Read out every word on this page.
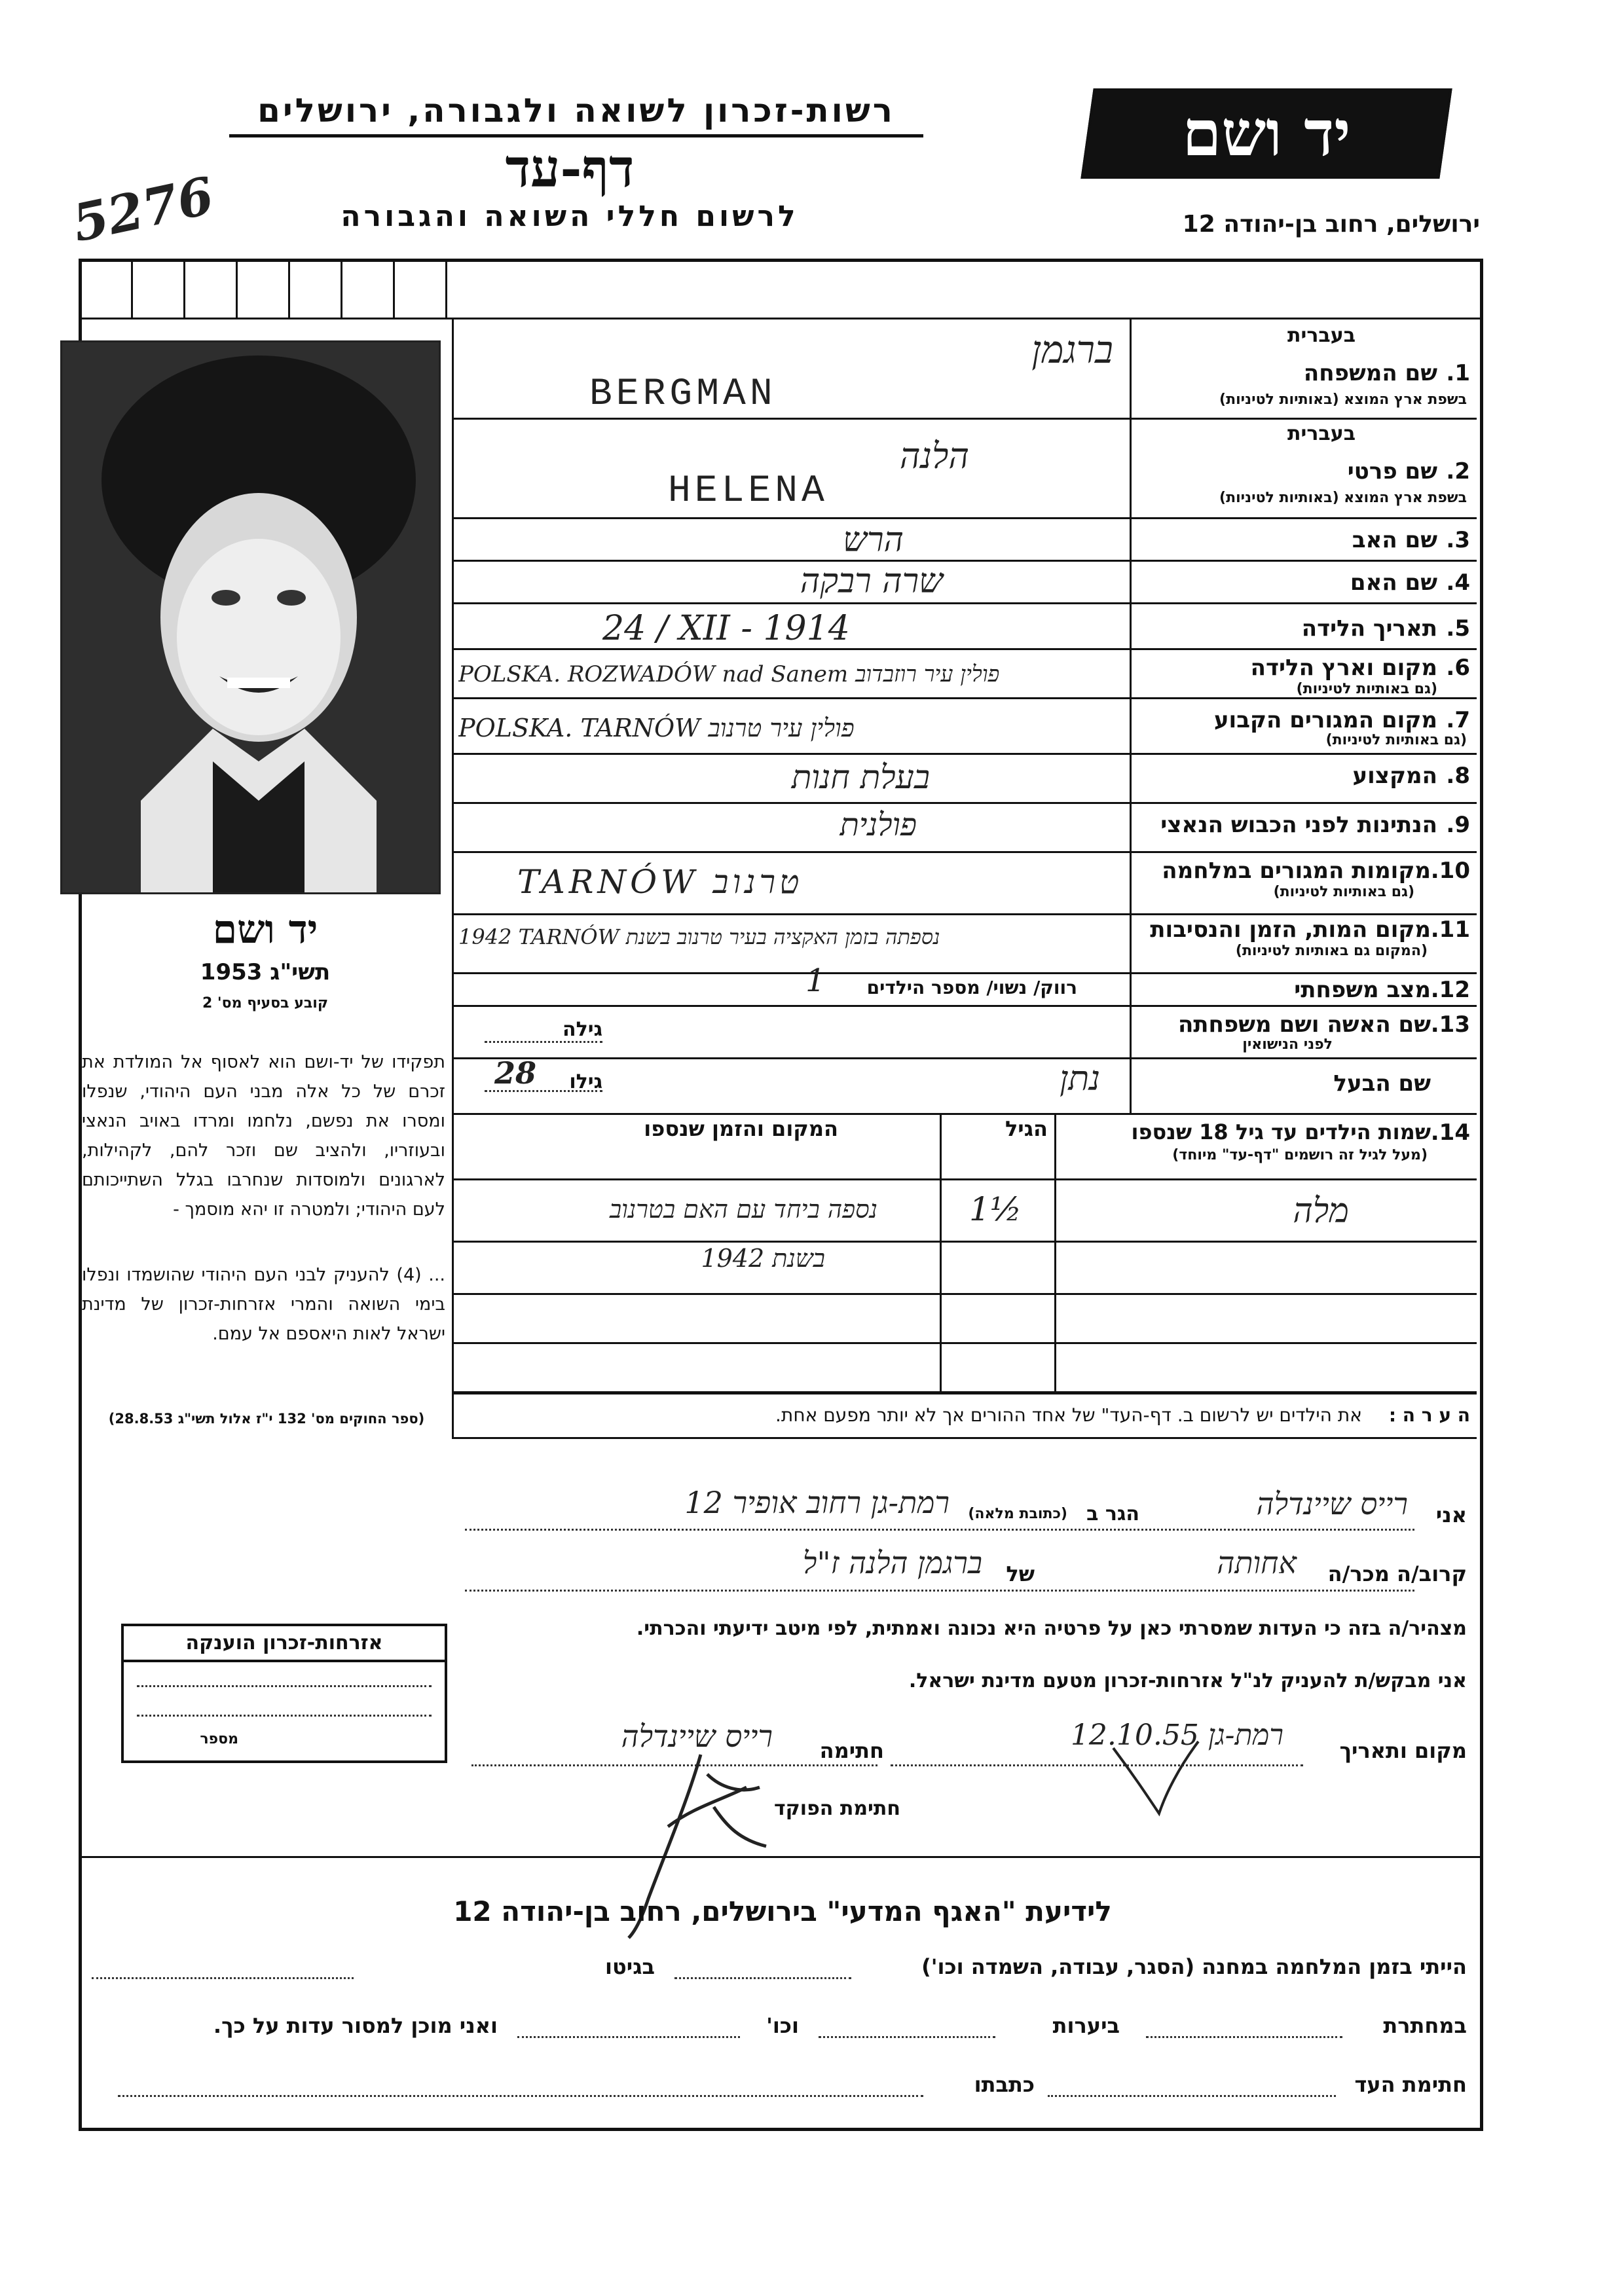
יד ושם
רשות-זכרון לשואה ולגבורה, ירושלים
דף-עד
לרשום חללי השואה והגבורה	ירושלים, רחוב בן-יהודה 12
5276
בעברית
1.
שם המשפחה
בשפת ארץ המוצא (באותיות לטיניות)
ברגמן
BERGMAN
בעברית
2.
שם פרטי
בשפת ארץ המוצא (באותיות לטיניות)
הלנה
HELENA
3.
שם האב
הרש
4.
שם האם
שרה רבקה
5.
תאריך הלידה
24 / XII - 1914
6.
מקום וארץ הלידה
(גם באותיות לטיניות)
POLSKA. ROZWADÓW nad Sanem פולין עיר רוזבדוב
7.
מקום המגורים הקבוע
(גם באותיות לטיניות)
POLSKA. TARNÓW פולין עיר טרנוב
8.
המקצוע
בעלת חנות
9.
הנתינות לפני הכבוש הנאצי
פולנית
10.
מקומות המגורים במלחמה
(גם באותיות לטיניות)
TARNÓW טרנוב
11.
מקום המות, הזמן והנסיבות
(המקום גם באותיות לטיניות)
1942 TARNÓW נספתה בזמן האקציה בעיר טרנוב בשנת
12.
מצב משפחתי
רווק/ נשוי/ מספר הילדים
1
13.
שם האשה ושם משפחתה
לפני הנישואין
גילה
שם הבעל
נתן
גילו
28
14.
שמות הילדים עד גיל 18 שנספו
(מעל לגיל זה רושמים "דף-עד" מיוחד)
הגיל
המקום והזמן שנספו
מלה
1½
נספה ביחד עם האם בטרנוב
בשנת 1942
ה ע ר ה :
את הילדים יש לרשום ב. דף-העד" של אחד ההורים אך לא יותר מפעם אחת.
יד ושם
תשי"ג 1953
קובע בסעיף מס' 2
תפקידו של יד-ושם הוא לאסוף אל המולדת את זכרם של כל אלה מבני העם היהודי, שנפלו ומסרו את נפשם, נלחמו ומרדו באויב הנאצי ובעוזריו, ולהציב שם וזכר להם, לקהילות, לארגונים ולמוסדות שנחרבו בגלל השתייכותם לעם היהודי; ולמטרה זו יהא מוסמך -
... (4) להעניק לבני העם היהודי שהושמדו ונפלו בימי השואה והמרי אזרחות-זכרון של מדינת ישראל לאות היאספם אל עמם.
(ספר החוקים מס' 132 י"ז אלול תשי"ג 28.8.53)
אזרחות-זכרון הוענקה
מספר
אני
רייס שיינדלה
הגר ב
(כתובת מלאה)
רמת-גן רחוב אופיר 12
קרוב/ה מכר/ה
אחותה
של
ברגמן הלנה ז"ל
מצהיר/ה בזה כי העדות שמסרתי כאן על פרטיה היא נכונה ואמתית, לפי מיטב ידיעתי והכרתי.
אני מבקש/ת להעניק לנ"ל אזרחות-זכרון מטעם מדינת ישראל.
מקום ותאריך
רמת-גן 12.10.55
חתימה
רייס שיינדלה
חתימת הפוקד
לידיעת "האגף המדעי" בירושלים, רחוב בן-יהודה 12
הייתי בזמן המלחמה במחנה (הסגר, עבודה, השמדה וכו')
בגיטו
במחתרת
ביערות
וכו'
ואני מוכן למסור עדות על כך.
חתימת העד
כתבתו
